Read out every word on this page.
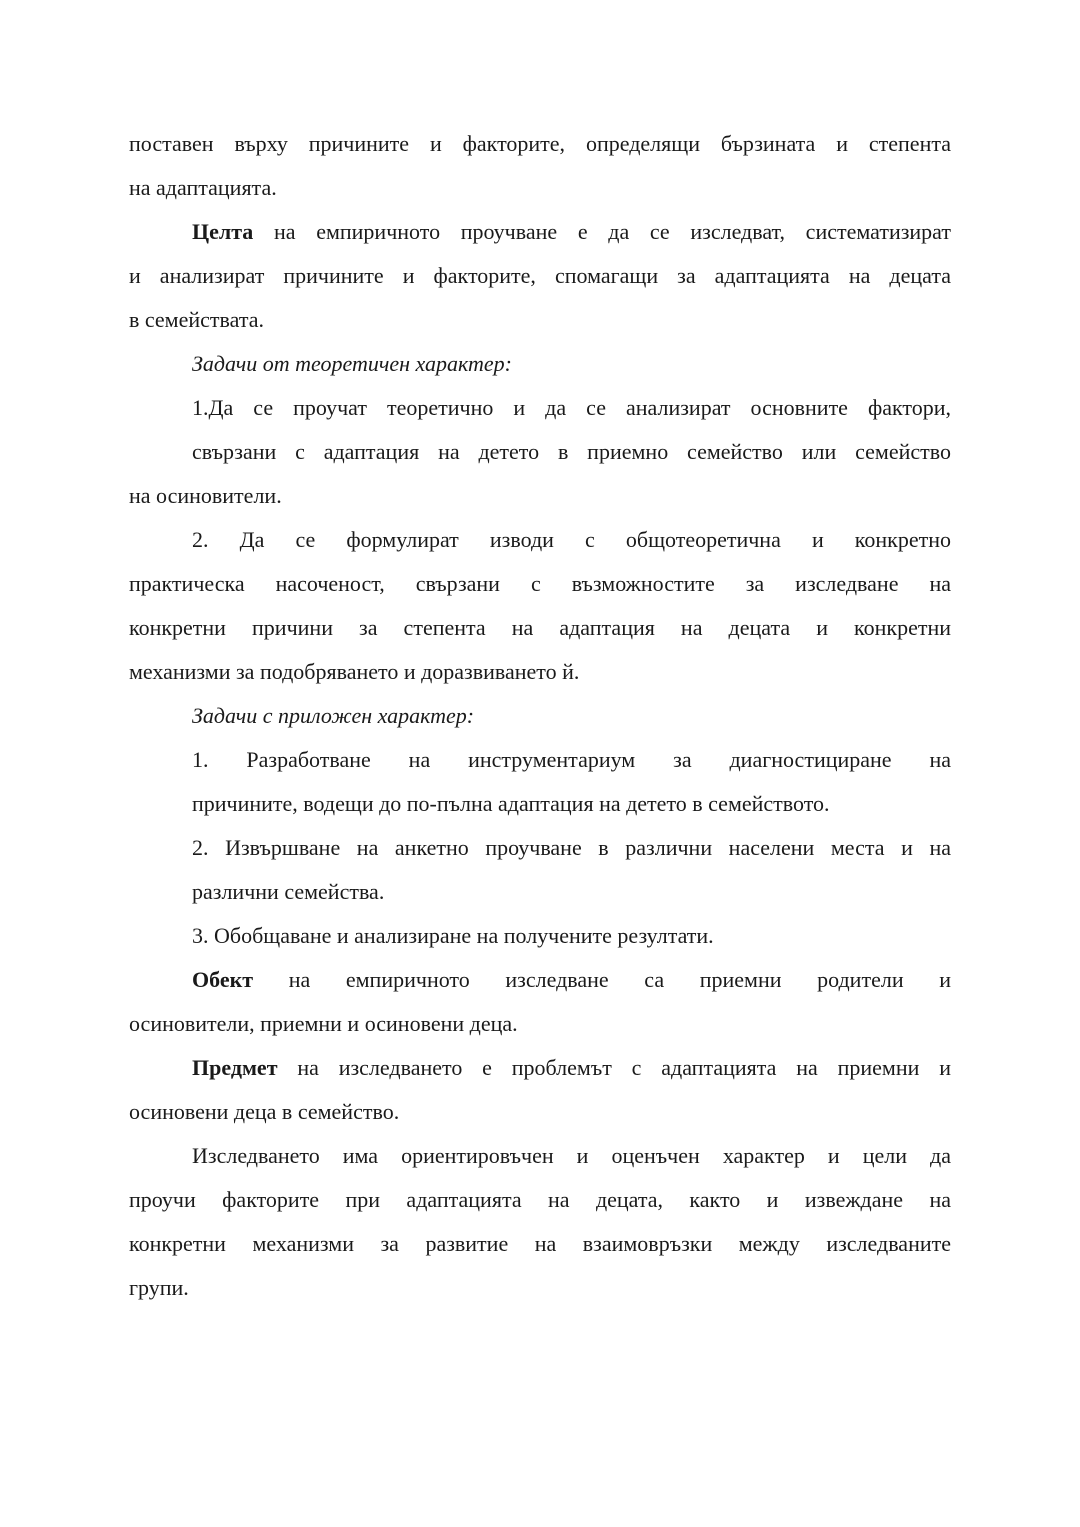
поставен върху причините и факторите, определящи бързината и степента
на адаптацията.
Целта на емпиричното проучване е да се изследват, систематизират
и анализират причините и факторите, спомагащи за адаптацията на децата
в семействата.
Задачи от теоретичен характер:
1.Да се проучат теоретично и да се анализират основните фактори,
свързани с адаптация на детето в приемно семейство или семейство
на осиновители.
2. Да се формулират изводи с общотеоретична и конкретно
практическа насоченост, свързани с възможностите за изследване на
конкретни причини за степента на адаптация на децата и конкретни
механизми за подобряването и доразвиването й.
Задачи с приложен характер:
1. Разработване на инструментариум за диагностициране на
причините, водещи до по-пълна адаптация на детето в семейството.
2. Извършване на анкетно проучване в различни населени места и на
различни семейства.
3. Обобщаване и анализиране на получените резултати.
Обект на емпиричното изследване са приемни родители и
осиновители, приемни и осиновени деца.
Предмет на изследването е проблемът с адаптацията на приемни и
осиновени деца в семейство.
Изследването има ориентировъчен и оценъчен характер и цели да
проучи факторите при адаптацията на децата, както и извеждане на
конкретни механизми за развитие на взаимовръзки между изследваните
групи.
